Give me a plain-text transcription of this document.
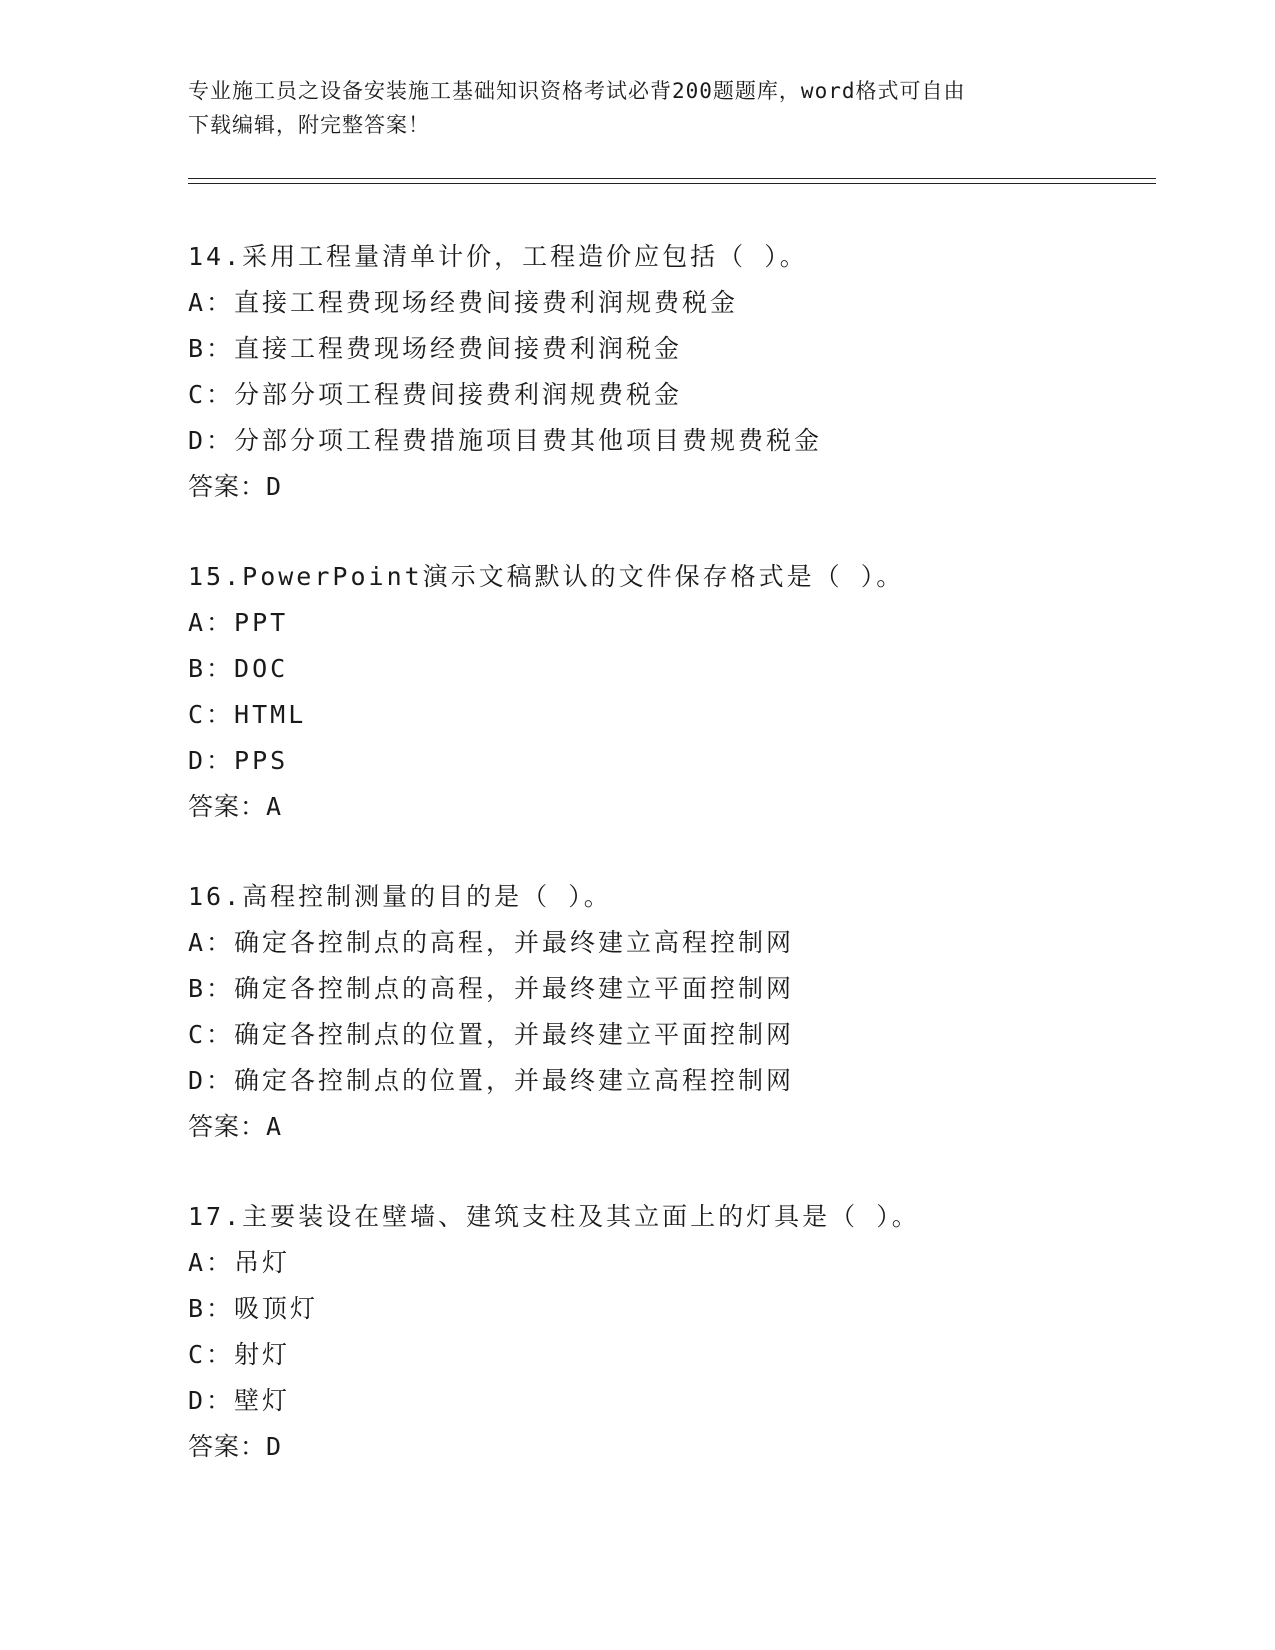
专业施工员之设备安装施工基础知识资格考试必背200题题库，word格式可自由
下载编辑，附完整答案！
14.采用工程量清单计价，工程造价应包括（ ）。
A：直接工程费现场经费间接费利润规费税金
B：直接工程费现场经费间接费利润税金
C：分部分项工程费间接费利润规费税金
D：分部分项工程费措施项目费其他项目费规费税金
答案：D
15.PowerPoint演示文稿默认的文件保存格式是（ ）。
A：PPT
B：DOC
C：HTML
D：PPS
答案：A
16.高程控制测量的目的是（ ）。
A：确定各控制点的高程，并最终建立高程控制网
B：确定各控制点的高程，并最终建立平面控制网
C：确定各控制点的位置，并最终建立平面控制网
D：确定各控制点的位置，并最终建立高程控制网
答案：A
17.主要装设在壁墙、建筑支柱及其立面上的灯具是（ ）。
A：吊灯
B：吸顶灯
C：射灯
D：壁灯
答案：D
